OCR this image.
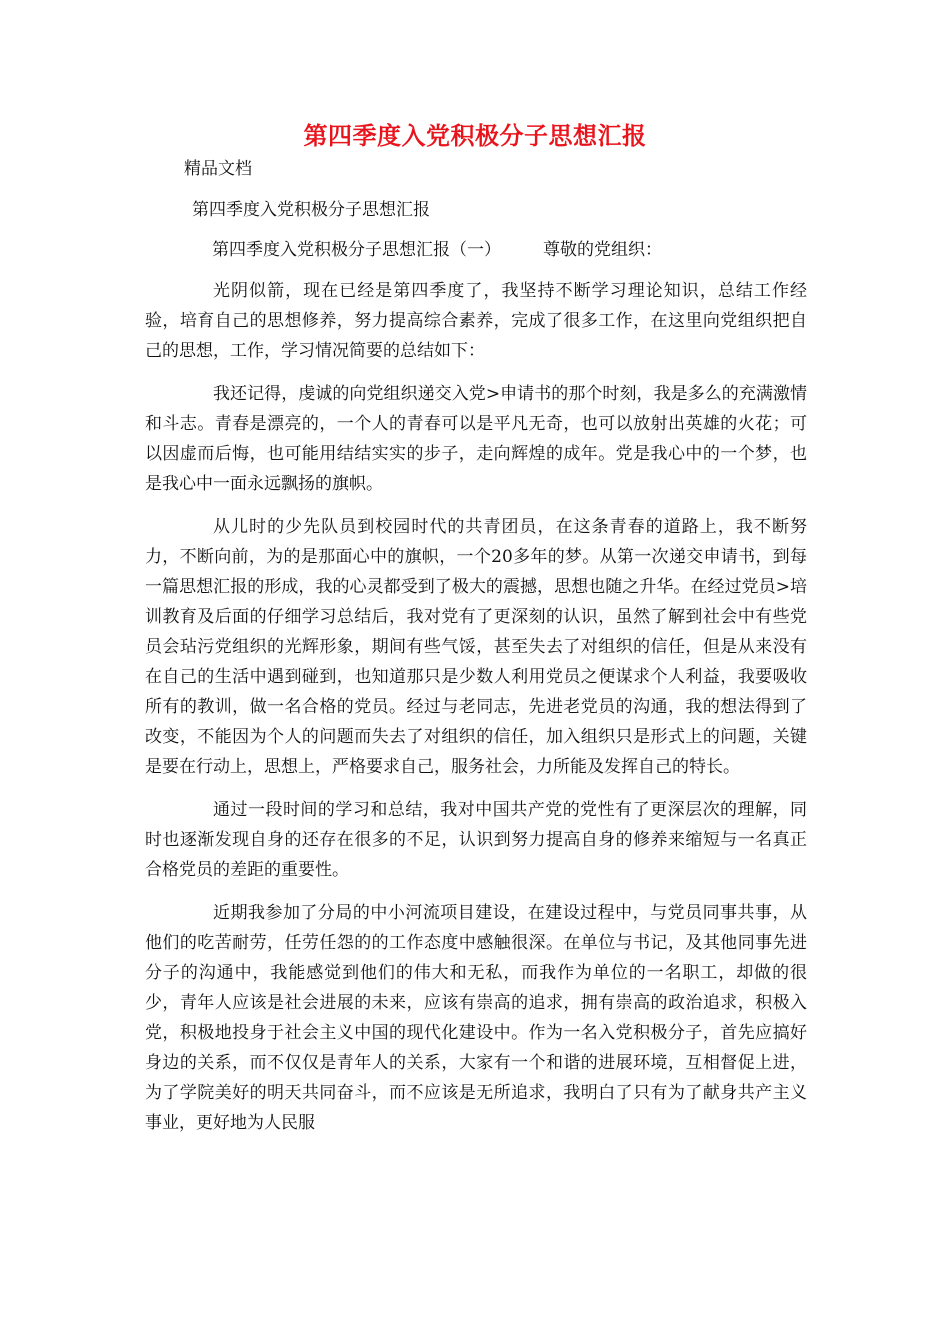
第四季度入党积极分子思想汇报
精品文档
第四季度入党积极分子思想汇报
第四季度入党积极分子思想汇报（一） 尊敬的党组织：

光阴似箭，现在已经是第四季度了，我坚持不断学习理论知识，总结工作经验，培育自己的思想修养，努力提高综合素养，完成了很多工作，在这里向党组织把自己的思想，工作，学习情况简要的总结如下：

我还记得，虔诚的向党组织递交入党>申请书的那个时刻，我是多么的充满激情和斗志。青春是漂亮的，一个人的青春可以是平凡无奇，也可以放射出英雄的火花；可以因虚而后悔，也可能用结结实实的步子，走向辉煌的成年。党是我心中的一个梦，也是我心中一面永远飘扬的旗帜。

从儿时的少先队员到校园时代的共青团员，在这条青春的道路上，我不断努力，不断向前，为的是那面心中的旗帜，一个20多年的梦。从第一次递交申请书，到每一篇思想汇报的形成，我的心灵都受到了极大的震撼，思想也随之升华。在经过党员>培训教育及后面的仔细学习总结后，我对党有了更深刻的认识，虽然了解到社会中有些党员会玷污党组织的光辉形象，期间有些气馁，甚至失去了对组织的信任，但是从来没有在自己的生活中遇到碰到，也知道那只是少数人利用党员之便谋求个人利益，我要吸收所有的教训，做一名合格的党员。经过与老同志，先进老党员的沟通，我的想法得到了改变，不能因为个人的问题而失去了对组织的信任，加入组织只是形式上的问题，关键是要在行动上，思想上，严格要求自己，服务社会，力所能及发挥自己的特长。

通过一段时间的学习和总结，我对中国共产党的党性有了更深层次的理解，同时也逐渐发现自身的还存在很多的不足，认识到努力提高自身的修养来缩短与一名真正合格党员的差距的重要性。

近期我参加了分局的中小河流项目建设，在建设过程中，与党员同事共事，从他们的吃苦耐劳，任劳任怨的的工作态度中感触很深。在单位与书记，及其他同事先进分子的沟通中，我能感觉到他们的伟大和无私，而我作为单位的一名职工，却做的很少，青年人应该是社会进展的未来，应该有崇高的追求，拥有崇高的政治追求，积极入党，积极地投身于社会主义中国的现代化建设中。作为一名入党积极分子，首先应搞好身边的关系，而不仅仅是青年人的关系，大家有一个和谐的进展环境，互相督促上进，为了学院美好的明天共同奋斗，而不应该是无所追求，我明白了只有为了献身共产主义事业，更好地为人民服
